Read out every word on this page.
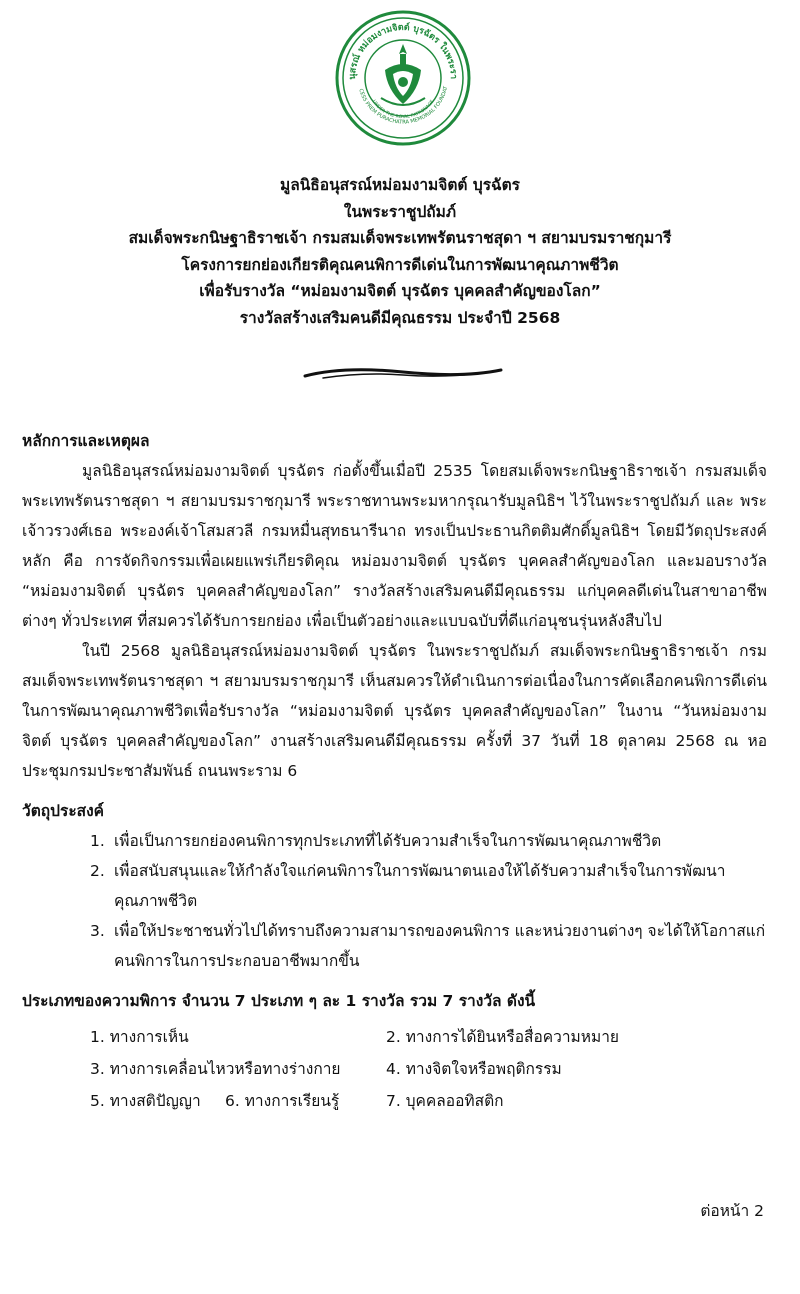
นุสรณ์ หม่อมงามจิตต์ บุรฉัตร ในพระรา
CESS PREM PURACHATRA MEMORIAL FOUNDAT
UNDER THE ROYAL PATRONAGE
มูลนิธิอนุสรณ์หม่อมงามจิตต์ บุรฉัตร
ในพระราชูปถัมภ์
สมเด็จพระกนิษฐาธิราชเจ้า กรมสมเด็จพระเทพรัตนราชสุดา ฯ สยามบรมราชกุมารี
โครงการยกย่องเกียรติคุณคนพิการดีเด่นในการพัฒนาคุณภาพชีวิต
เพื่อรับรางวัล “หม่อมงามจิตต์ บุรฉัตร บุคคลสำคัญของโลก”
รางวัลสร้างเสริมคนดีมีคุณธรรม ประจำปี 2568
หลักการและเหตุผล

มูลนิธิอนุสรณ์หม่อมงามจิตต์ บุรฉัตร ก่อตั้งขึ้นเมื่อปี 2535 โดยสมเด็จพระกนิษฐาธิราชเจ้า กรมสมเด็จพระเทพรัตนราชสุดา ฯ สยามบรมราชกุมารี พระราชทานพระมหากรุณารับมูลนิธิฯ ไว้ในพระราชูปถัมภ์ และ พระเจ้าวรวงศ์เธอ พระองค์เจ้าโสมสวลี กรมหมื่นสุทธนารีนาถ ทรงเป็นประธานกิตติมศักดิ์มูลนิธิฯ โดยมีวัตถุประสงค์หลัก คือ การจัดกิจกรรมเพื่อเผยแพร่เกียรติคุณ หม่อมงามจิตต์ บุรฉัตร บุคคลสำคัญของโลก และมอบรางวัล “หม่อมงามจิตต์ บุรฉัตร บุคคลสำคัญของโลก” รางวัลสร้างเสริมคนดีมีคุณธรรม แก่บุคคลดีเด่นในสาขาอาชีพต่างๆ ทั่วประเทศ ที่สมควรได้รับการยกย่อง เพื่อเป็นตัวอย่างและแบบฉบับที่ดีแก่อนุชนรุ่นหลังสืบไป

ในปี 2568 มูลนิธิอนุสรณ์หม่อมงามจิตต์ บุรฉัตร ในพระราชูปถัมภ์ สมเด็จพระกนิษฐาธิราชเจ้า กรมสมเด็จพระเทพรัตนราชสุดา ฯ สยามบรมราชกุมารี เห็นสมควรให้ดำเนินการต่อเนื่องในการคัดเลือกคนพิการดีเด่นในการพัฒนาคุณภาพชีวิตเพื่อรับรางวัล “หม่อมงามจิตต์ บุรฉัตร บุคคลสำคัญของโลก” ในงาน “วันหม่อมงามจิตต์ บุรฉัตร บุคคลสำคัญของโลก” งานสร้างเสริมคนดีมีคุณธรรม ครั้งที่ 37 วันที่ 18 ตุลาคม 2568 ณ หอประชุมกรมประชาสัมพันธ์ ถนนพระราม 6

วัตถุประสงค์
1. เพื่อเป็นการยกย่องคนพิการทุกประเภทที่ได้รับความสำเร็จในการพัฒนาคุณภาพชีวิต
2. เพื่อสนับสนุนและให้กำลังใจแก่คนพิการในการพัฒนาตนเองให้ได้รับความสำเร็จในการพัฒนาคุณภาพชีวิต
3. เพื่อให้ประชาชนทั่วไปได้ทราบถึงความสามารถของคนพิการ และหน่วยงานต่างๆ จะได้ให้โอกาสแก่คนพิการในการประกอบอาชีพมากขึ้น
ประเภทของความพิการ จำนวน 7 ประเภท ๆ ละ 1 รางวัล รวม 7 รางวัล ดังนี้
1. ทางการเห็น	2. ทางการได้ยินหรือสื่อความหมาย
3. ทางการเคลื่อนไหวหรือทางร่างกาย	4. ทางจิตใจหรือพฤติกรรม
5. ทางสติปัญญา 6. ทางการเรียนรู้	7. บุคคลออทิสติก
ต่อหน้า 2
